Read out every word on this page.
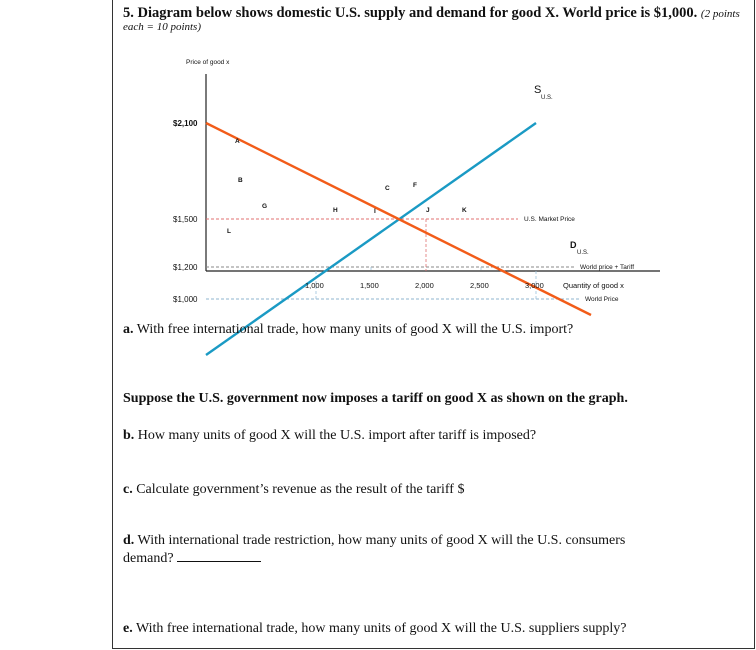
5. Diagram below shows domestic U.S. supply and demand for good X. World price is $1,000. (2 points
each = 10 points)
Price of good x
$2,100
$1,500
$1,200
$1,000
1,000	1,500	2,000	2,500	3,000	Quantity of good x
S
U.S.
D
U.S.
U.S. Market Price
World price + Tariff
World Price
A
B
C	F
G
H	I	J	K
L
a. With free international trade, how many units of good X will the U.S. import?
Suppose the U.S. government now imposes a tariff on good X as shown on the graph.
b. How many units of good X will the U.S. import after tariff is imposed?
c. Calculate government’s revenue as the result of the tariff $
d. With international trade restriction, how many units of good X will the U.S. consumers
demand?
e. With free international trade, how many units of good X will the U.S. suppliers supply?
